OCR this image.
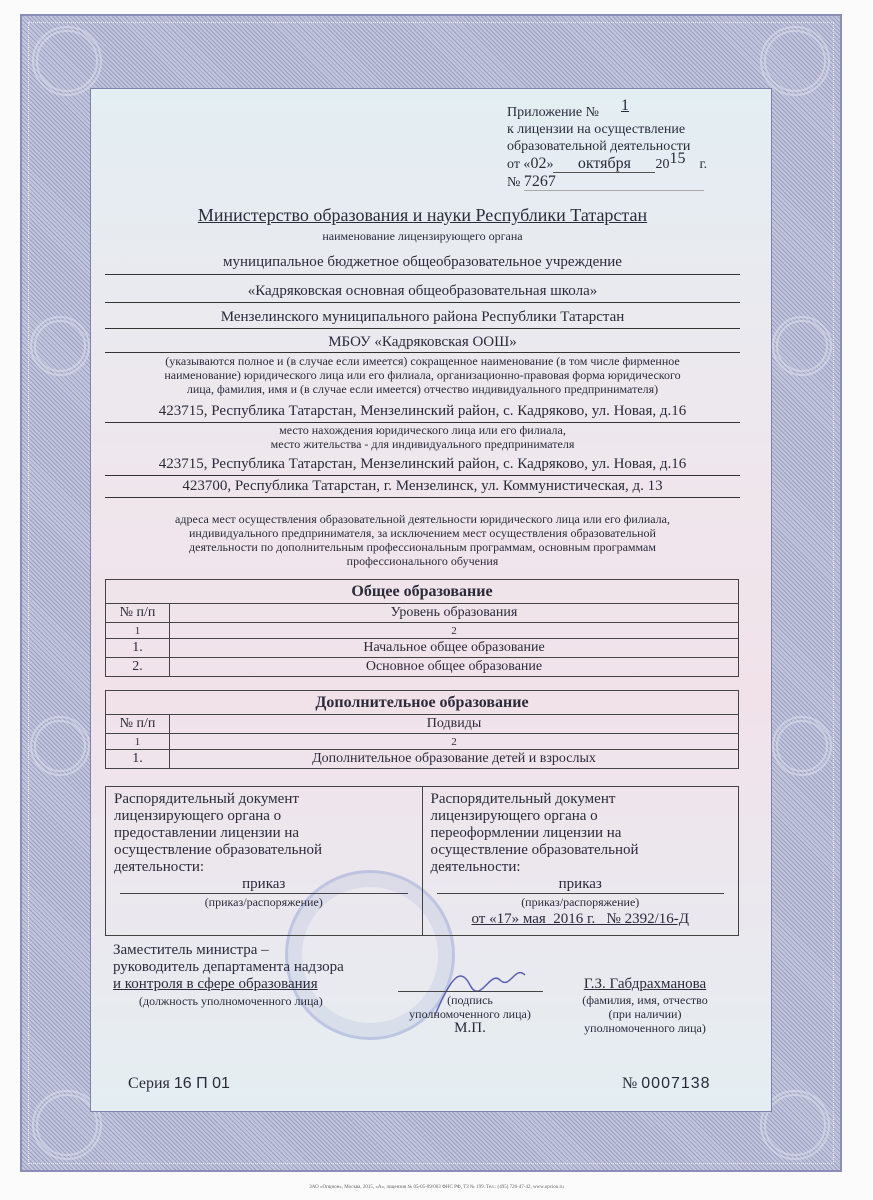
Приложение № 1
к лицензии на осуществление
образовательной деятельности
от «02» октября 2015 г.
№ 7267
Министерство образования и науки Республики Татарстан
наименование лицензирующего органа
муниципальное бюджетное общеобразовательное учреждение
«Кадряковская основная общеобразовательная школа»
Мензелинского муниципального района Республики Татарстан
МБОУ «Кадряковская ООШ»
(указываются полное и (в случае если имеется) сокращенное наименование (в том числе фирменное
наименование) юридического лица или его филиала, организационно-правовая форма юридического
лица, фамилия, имя и (в случае если имеется) отчество индивидуального предпринимателя)
423715, Республика Татарстан, Мензелинский район, с. Кадряково, ул. Новая, д.16
место нахождения юридического лица или его филиала,
место жительства - для индивидуального предпринимателя
423715, Республика Татарстан, Мензелинский район, с. Кадряково, ул. Новая, д.16
423700, Республика Татарстан, г. Мензелинск, ул. Коммунистическая, д. 13
адреса мест осуществления образовательной деятельности юридического лица или его филиала,
индивидуального предпринимателя, за исключением мест осуществления образовательной
деятельности по дополнительным профессиональным программам, основным программам
профессионального обучения
Общее образование	
№ п/п	Уровень образования
1	2
1.	Начальное общее образование
2.	Основное общее образование
Дополнительное образование	
№ п/п	Подвиды
1	2
1.	Дополнительное образование детей и взрослых
Распорядительный документ
лицензирующего органа о
предоставлении лицензии на
осуществление образовательной
деятельности:
приказ
(приказ/распоряжение)
Распорядительный документ
лицензирующего органа о
переоформлении лицензии на
осуществление образовательной
деятельности:
приказ
(приказ/распоряжение)
от «17» мая  2016 г.   № 2392/16-Д
Заместитель министра –
руководитель департамента надзора
и контроля в сфере образования
(должность уполномоченного лица)	(подпись
уполномоченного лица)
М.П.
Г.З. Габдрахманова
(фамилия, имя, отчество
(при наличии)
уполномоченного лица)
Серия 16 П 01	№ 0007138
ЗАО «Опцион», Москва, 2015, «А», лицензия № 05-05-09/003 ФНС РФ, ТЗ № 199. Тел.: (495) 726-47-42, www.opcion.ru
